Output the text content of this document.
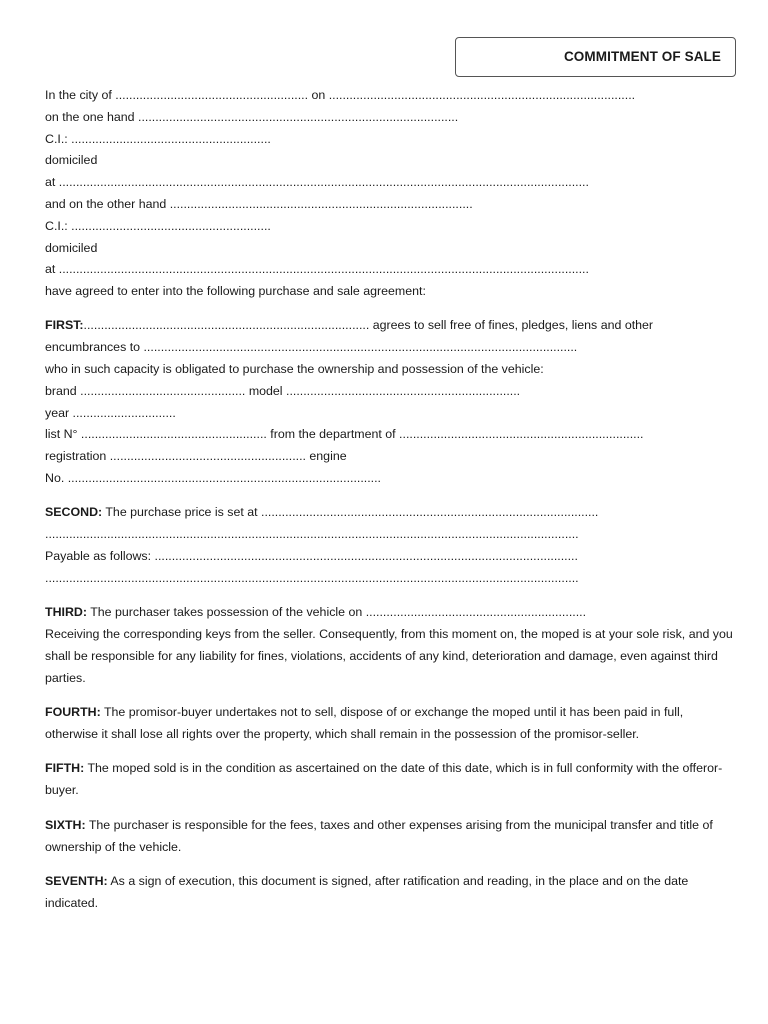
COMMITMENT OF SALE
In the city of ........................................................ on .........................................................................................
on the one hand .............................................................................................
C.I.: ..........................................................
domiciled
at ..........................................................................................................................................................
and on the other hand ........................................................................................
C.I.: ..........................................................
domiciled
at ..........................................................................................................................................................
have agreed to enter into the following purchase and sale agreement:
FIRST:................................................................................... agrees to sell free of fines, pledges, liens and other
encumbrances to ..............................................................................................................................
who in such capacity is obligated to purchase the ownership and possession of the vehicle:
brand ................................................ model ....................................................................
year ..............................
list N° ...................................................... from the department of .......................................................................
registration ......................................................... engine
No. ...........................................................................................
SECOND: The purchase price is set at ..................................................................................................
...........................................................................................................................................................
Payable as follows: ...........................................................................................................................
...........................................................................................................................................................
THIRD: The purchaser takes possession of the vehicle on ................................................................
Receiving the corresponding keys from the seller. Consequently, from this moment on, the moped is at your sole risk, and you shall be responsible for any liability for fines, violations, accidents of any kind, deterioration and damage, even against third parties.
FOURTH: The promisor-buyer undertakes not to sell, dispose of or exchange the moped until it has been paid in full, otherwise it shall lose all rights over the property, which shall remain in the possession of the promisor-seller.
FIFTH: The moped sold is in the condition as ascertained on the date of this date, which is in full conformity with the offeror-buyer.
SIXTH: The purchaser is responsible for the fees, taxes and other expenses arising from the municipal transfer and title of ownership of the vehicle.
SEVENTH: As a sign of execution, this document is signed, after ratification and reading, in the place and on the date indicated.
